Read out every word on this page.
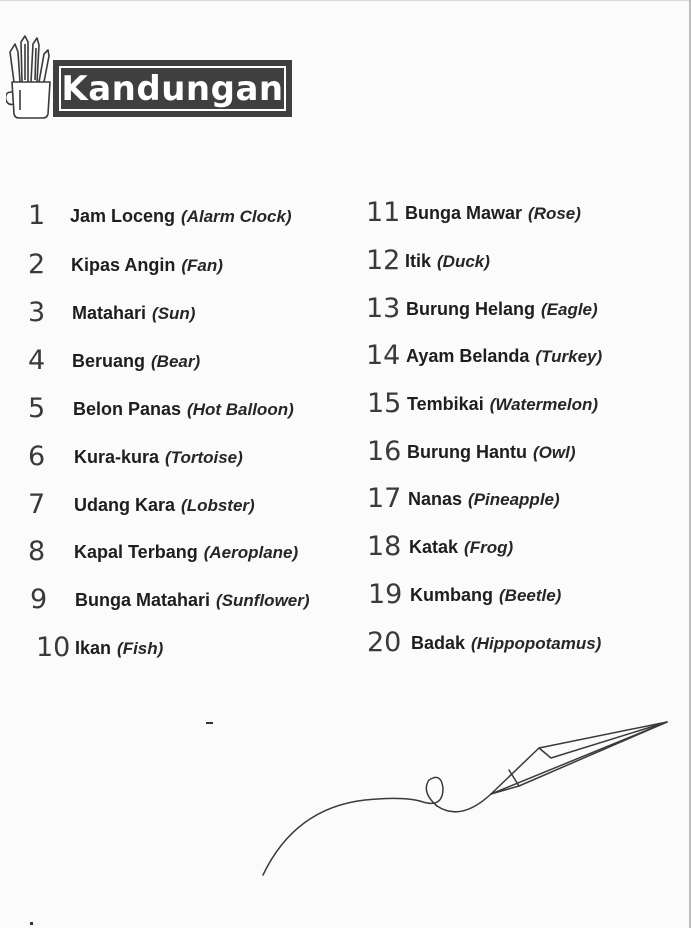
Kandungan
1 Jam Loceng (Alarm Clock)
2 Kipas Angin (Fan)
3 Matahari (Sun)
4 Beruang (Bear)
5 Belon Panas (Hot Balloon)
6 Kura-kura (Tortoise)
7 Udang Kara (Lobster)
8 Kapal Terbang (Aeroplane)
9 Bunga Matahari (Sunflower)
10 Ikan (Fish)
11 Bunga Mawar (Rose)
12 Itik (Duck)
13 Burung Helang (Eagle)
14 Ayam Belanda (Turkey)
15 Tembikai (Watermelon)
16 Burung Hantu (Owl)
17 Nanas (Pineapple)
18 Katak (Frog)
19 Kumbang (Beetle)
20 Badak (Hippopotamus)
